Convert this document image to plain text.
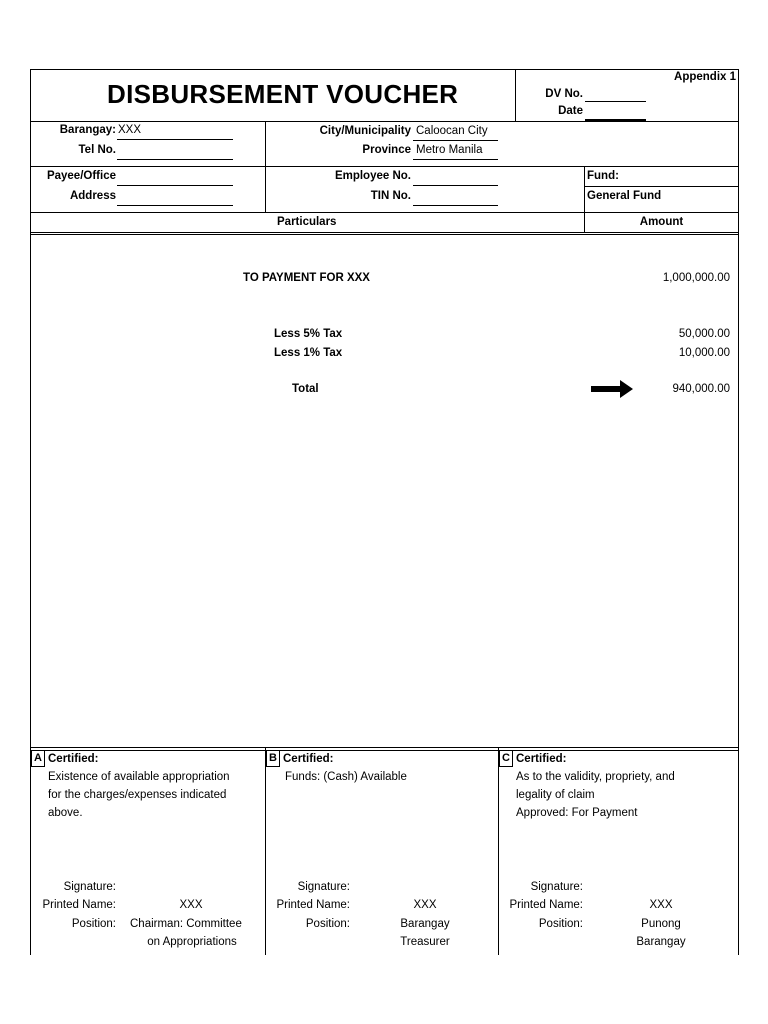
DISBURSEMENT VOUCHER
Appendix 1
DV No.
Date
Barangay: XXX
Tel No.
City/Municipality Caloocan City
Province Metro Manila
Payee/Office
Address
Employee No.
TIN No.
Fund:
General Fund
Particulars	Amount
TO PAYMENT FOR XXX	1,000,000.00
Less 5% Tax	50,000.00
Less 1% Tax	10,000.00
Total	940,000.00
A Certified:
Existence of available appropriation
for the charges/expenses indicated
above.
Signature:
Printed Name:	XXX
Position: Chairman: Committee
on Appropriations
B Certified:
Funds: (Cash) Available
Signature:
Printed Name:	XXX
Position:	Barangay
Treasurer
C Certified:
As to the validity, propriety, and
legality of claim
Approved: For Payment
Signature:
Printed Name:	XXX
Position:	Punong
Barangay
